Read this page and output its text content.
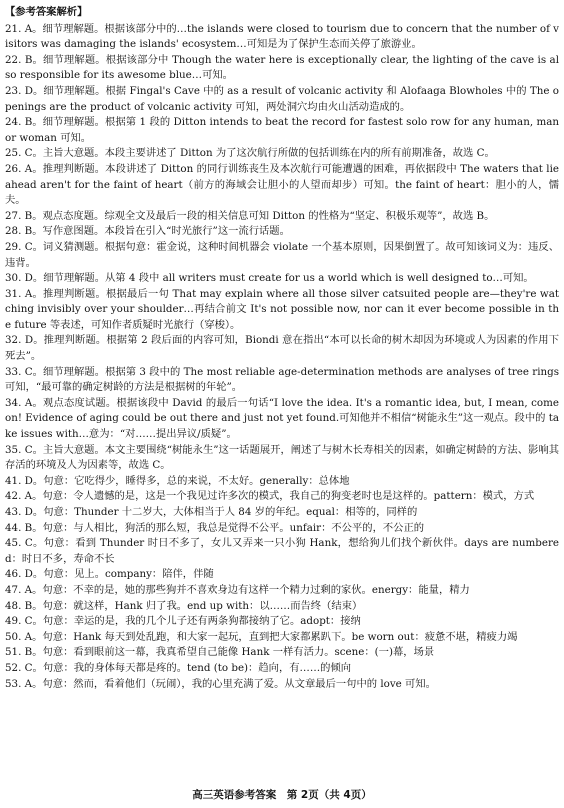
【参考答案解析】
21. A。细节理解题。根据该部分中的…the islands were closed to tourism due to concern that the number of visitors was damaging the islands' ecosystem…可知是为了保护生态而关停了旅游业。
22. B。细节理解题。根据该部分中 Though the water here is exceptionally clear, the lighting of the cave is also responsible for its awesome blue…可知。
23. D。细节理解题。根据 Fingal's Cave 中的 as a result of volcanic activity 和 Alofaaga Blowholes 中的 The openings are the product of volcanic activity 可知，两处洞穴均由火山活动造成的。
24. B。细节理解题。根据第 1 段的 Ditton intends to beat the record for fastest solo row for any human, man or woman 可知。
25. C。主旨大意题。本段主要讲述了 Ditton 为了这次航行所做的包括训练在内的所有前期准备，故选 C。
26. A。推理判断题。本段讲述了 Ditton 的同行训练丧生及本次航行可能遭遇的困难，再依据段中 The waters that lie ahead aren't for the faint of heart（前方的海域会让胆小的人望而却步）可知。the faint of heart：胆小的人，懦夫。
27. B。观点态度题。综观全文及最后一段的相关信息可知 Ditton 的性格为“坚定、积极乐观等”，故选 B。
28. B。写作意图题。本段旨在引入“时光旅行”这一流行话题。
29. C。词义猜测题。根据句意：霍金说，这种时间机器会 violate 一个基本原则，因果倒置了。故可知该词义为：违反、违背。
30. D。细节理解题。从第 4 段中 all writers must create for us a world which is well designed to…可知。
31. A。推理判断题。根据最后一句 That may explain where all those silver catsuited people are—they're watching invisibly over your shoulder…再结合前文 It's not possible now, nor can it ever become possible in the future 等表述，可知作者质疑时光旅行（穿梭）。
32. D。推理判断题。根据第 2 段后面的内容可知，Biondi 意在指出“本可以长命的树木却因为环境或人为因素的作用下死去”。
33. C。细节理解题。根据第 3 段中的 The most reliable age-determination methods are analyses of tree rings 可知，“最可靠的确定树龄的方法是根据树的年轮”。
34. A。观点态度试题。根据该段中 David 的最后一句话“I love the idea. It's a romantic idea, but, I mean, come on! Evidence of aging could be out there and just not yet found.可知他并不相信“树能永生”这一观点。段中的 take issues with…意为：“对……提出异议/质疑”。
35. C。主旨大意题。本文主要围绕“树能永生”这一话题展开，阐述了与树木长寿相关的因素，如确定树龄的方法、影响其存活的环境及人为因素等，故选 C。
41. D。句意：它吃得少，睡得多，总的来说，不太好。generally：总体地
42. A。句意：令人遗憾的是，这是一个我见过许多次的模式，我自己的狗变老时也是这样的。pattern：模式，方式
43. D。句意：Thunder 十二岁大，大体相当于人 84 岁的年纪。equal：相等的，同样的
44. B。句意：与人相比，狗活的那么短，我总是觉得不公平。unfair：不公平的，不公正的
45. C。句意：看到 Thunder 时日不多了，女儿又弄来一只小狗 Hank，想给狗儿们找个新伙伴。days are numbered：时日不多，寿命不长
46. D。句意：见上。company：陪伴，伴随
47. A。句意：不幸的是，她的那些狗并不喜欢身边有这样一个精力过剩的家伙。energy：能量，精力
48. B。句意：就这样，Hank 归了我。end up with：以……而告终（结束）
49. C。句意：幸运的是，我的几个儿子还有两条狗都接纳了它。adopt：接纳
50. A。句意：Hank 每天到处乱跑，和大家一起玩，直到把大家都累趴下。be worn out：疲惫不堪，精疲力竭
51. B。句意：看到眼前这一幕，我真希望自己能像 Hank 一样有活力。scene：(一)幕，场景
52. C。句意：我的身体每天都是疼的。tend (to be)：趋向，有……的倾向
53. A。句意：然而，看着他们（玩闹），我的心里充满了爱。从文章最后一句中的 love 可知。
高三英语参考答案　第 2页（共 4页）
